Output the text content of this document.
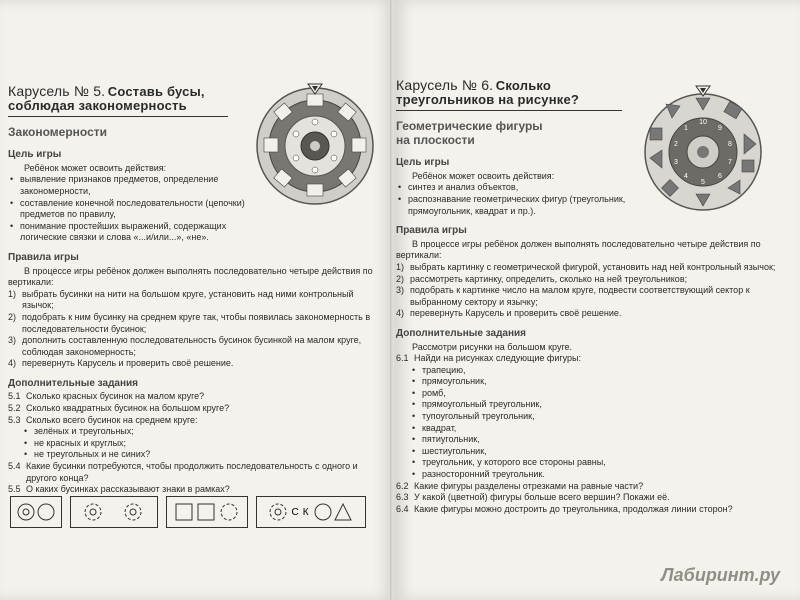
Карусель № 5. Составь бусы,
соблюдая закономерность
Закономерности
Цель игры
Ребёнок может освоить действия:
• выявление признаков предметов, определение закономерности,
• составление конечной последовательности (цепочки) предметов по правилу,
• понимание простейших выражений, содержащих логические связки и слова «...и/или...», «не».
Правила игры
В процессе игры ребёнок должен выполнять последовательно четыре действия по вертикали:
1) выбрать бусинки на нити на большом круге, установить над ними контрольный язычок;
2) подобрать к ним бусинку на среднем круге так, чтобы появилась закономерность в последовательности бусинок;
3) дополнить составленную последовательность бусинок бусинкой на малом круге, соблюдая закономерность;
4) перевернуть Карусель и проверить своё решение.
Дополнительные задания
5.1 Сколько красных бусинок на малом круге?
5.2 Сколько квадратных бусинок на большом круге?
5.3 Сколько всего бусинок на среднем круге:
• зелёных и треугольных;
• не красных и круглых;
• не треугольных и не синих?
5.4 Какие бусинки потребуются, чтобы продолжить последовательность с одного и другого конца?
5.5 О каких бусинках рассказывают знаки в рамках?
С К
10
9
8
7
6
5
4
3
2
1
Карусель № 6. Сколько
треугольников на рисунке?
Геометрические фигуры
на плоскости
Цель игры
Ребёнок может освоить действия:
• синтез и анализ объектов,
• распознавание геометрических фигур (треугольник, прямоугольник, квадрат и пр.).
Правила игры
В процессе игры ребёнок должен выполнять последовательно четыре действия по вертикали:
1) выбрать картинку с геометрической фигурой, установить над ней контрольный язычок;
2) рассмотреть картинку, определить, сколько на ней треугольников;
3) подобрать к картинке число на малом круге, подвести соответствующий сектор к выбранному сектору и язычку;
4) перевернуть Карусель и проверить своё решение.
Дополнительные задания
Рассмотри рисунки на большом круге.
6.1 Найди на рисунках следующие фигуры:
• трапецию,
• прямоугольник,
• ромб,
• прямоугольный треугольник,
• тупоугольный треугольник,
• квадрат,
• пятиугольник,
• шестиугольник,
• треугольник, у которого все стороны равны,
• разносторонний треугольник.
6.2 Какие фигуры разделены отрезками на равные части?
6.3 У какой (цветной) фигуры больше всего вершин? Покажи её.
6.4 Какие фигуры можно достроить до треугольника, продолжая линии сторон?
Лабиринт.ру
